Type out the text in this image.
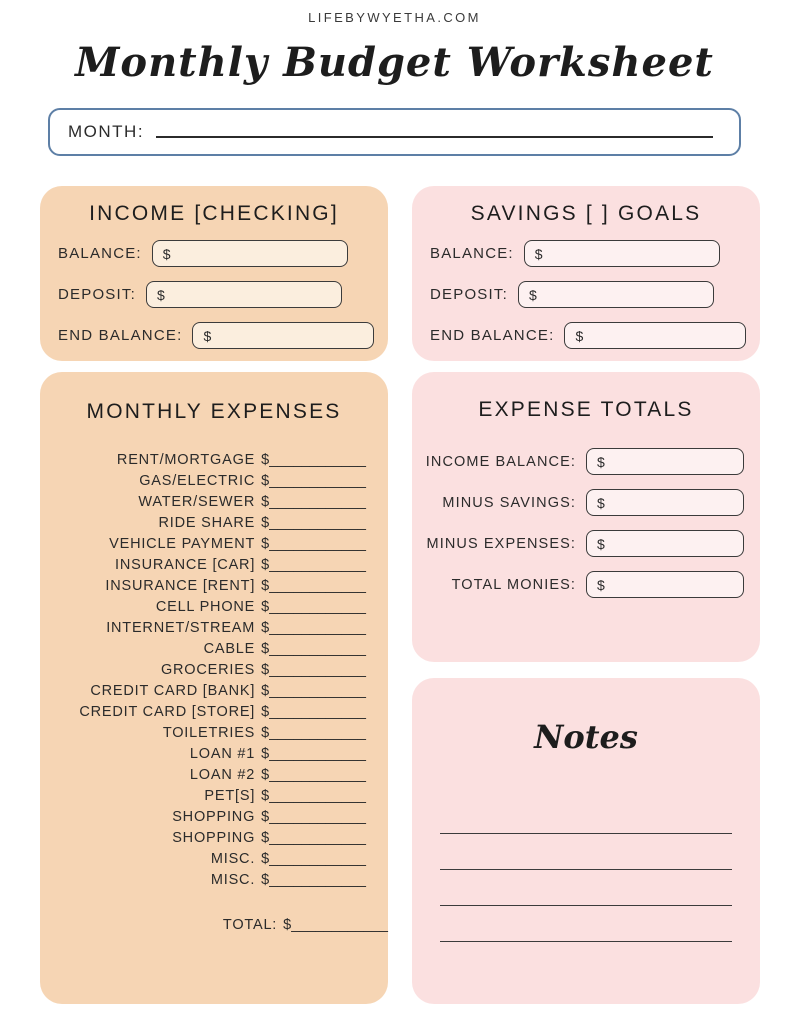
LIFEBYWYETHA.COM
Monthly Budget Worksheet
MONTH:
INCOME [CHECKING]
BALANCE:	$
DEPOSIT:	$
END BALANCE:	$
SAVINGS [ ] GOALS
BALANCE:	$
DEPOSIT:	$
END BALANCE:	$
MONTHLY EXPENSES
RENT/MORTGAGE $____________
GAS/ELECTRIC $____________
WATER/SEWER $____________
RIDE SHARE $____________
VEHICLE PAYMENT $____________
INSURANCE [CAR] $____________
INSURANCE [RENT] $____________
CELL PHONE $____________
INTERNET/STREAM $____________
CABLE $____________
GROCERIES $____________
CREDIT CARD [BANK] $____________
CREDIT CARD [STORE] $____________
TOILETRIES $____________
LOAN #1 $____________
LOAN #2 $____________
PET[S] $____________
SHOPPING $____________
SHOPPING $____________
MISC. $____________
MISC. $____________
TOTAL: $____________
EXPENSE TOTALS
INCOME BALANCE:	$
MINUS SAVINGS:	$
MINUS EXPENSES:	$
TOTAL MONIES:	$
Notes
